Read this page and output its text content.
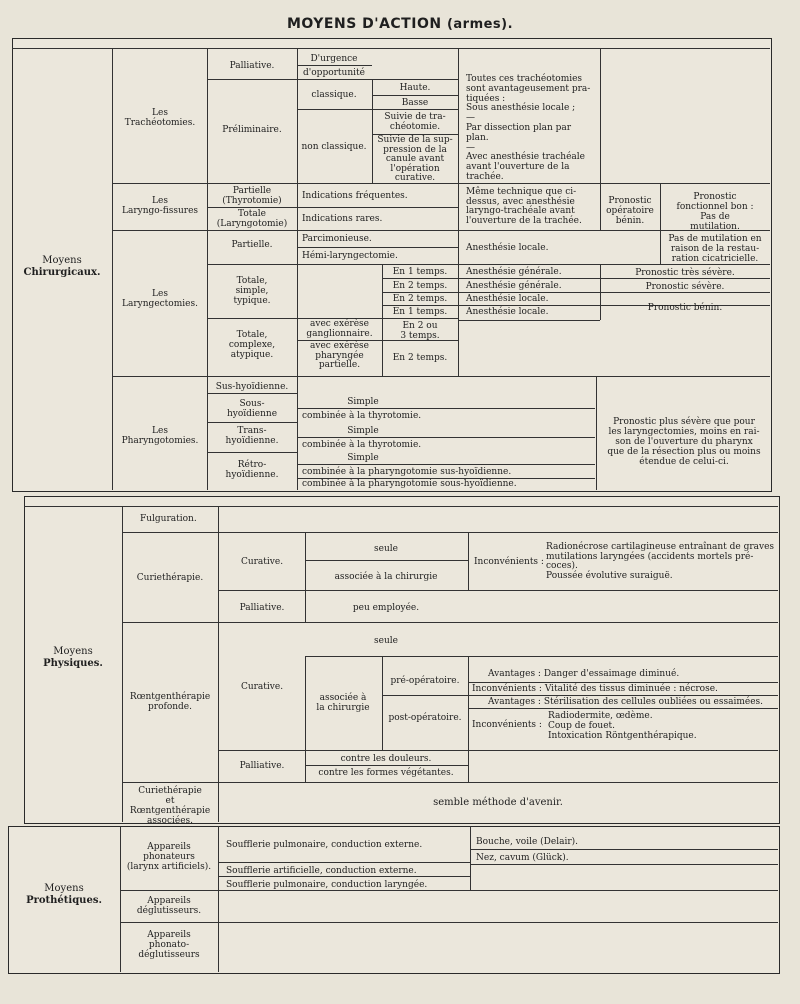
MOYENS D'ACTION (armes).
Moyens
Chirurgicaux.
Les
Trachéotomies.
Palliative.
Préliminaire.
D'urgence
d'opportunité
classique.
non classique.
Haute.
Basse
Suivie de tra-
chéotomie.
Suivie de la sup-
pression de la
canule avant
l'opération
curative.
Toutes ces trachéotomies
sont avantageusement pra-
tiquées :
Sous anesthésie locale ;
—
Par dissection plan par
plan.
—
Avec anesthésie trachéale
avant l'ouverture de la
trachée.
Les
Laryngo-fissures
Partielle
(Thyrotomie)
Totale
(Laryngotomie)
Indications fréquentes.
Indications rares.
Même technique que ci-
dessus, avec anesthésie
laryngo-trachéale avant
l'ouverture de la trachée.
Pronostic
opératoire
bénin.
Pronostic
fonctionnel bon :
Pas de
mutilation.
Les
Laryngectomies.
Partielle.
Parcimonieuse.
Hémi-laryngectomie.
Anesthésie locale.
Pas de mutilation en
raison de la restau-
ration cicatricielle.
Totale,
simple,
typique.
Totale,
complexe,
atypique.
En 1 temps.
En 2 temps.
En 2 temps.
En 1 temps.
avec exérèse
ganglionnaire.
En 2 ou
3 temps.
avec exérèse
pharyngée
partielle.
En 2 temps.
Anesthésie générale.
Anesthésie générale.
Anesthésie locale.
Anesthésie locale.
Pronostic très sévère.
Pronostic sévère.
Pronostic bénin.
Les
Pharyngotomies.
Sus-hyoïdienne.
Sous-
hyoïdienne
Trans-
hyoïdienne.
Rétro-
hyoïdienne.
Simple
combinée à la thyrotomie.
Simple
combinée à la thyrotomie.
Simple
combinée à la pharyngotomie sus-hyoïdienne.
combinée à la pharyngotomie sous-hyoïdienne.
Pronostic plus sévère que pour
les laryngectomies, moins en rai-
son de l'ouverture du pharynx
que de la résection plus ou moins
étendue de celui-ci.
Moyens
Physiques.
Fulguration.
Curiethérapie.
Curative.
Palliative.
seule
associée à la chirurgie
Inconvénients :
Radionécrose cartilagineuse entraînant de graves
mutilations laryngées (accidents mortels pré-
coces).
Poussée évolutive suraiguë.
peu employée.
Rœntgenthérapie
profonde.
Curative.
Palliative.
seule
associée à
la chirurgie
pré-opératoire.
post-opératoire.
Avantages : Danger d'essaimage diminué.
Inconvénients : Vitalité des tissus diminuée : nécrose.
Avantages : Stérilisation des cellules oubliées ou essaimées.
Inconvénients :
Radiodermite, œdème.
Coup de fouet.
Intoxication Röntgenthérapique.
contre les douleurs.
contre les formes végétantes.
Curiethérapie
et Rœntgenthérapie
associées.
semble méthode d'avenir.
Moyens
Prothétiques.
Appareils
phonateurs
(larynx artificiels).
Soufflerie pulmonaire, conduction externe.
Soufflerie artificielle, conduction externe.
Soufflerie pulmonaire, conduction laryngée.
Bouche, voile (Delair).
Nez, cavum (Glück).
Appareils
déglutisseurs.
Appareils
phonato-
déglutisseurs
